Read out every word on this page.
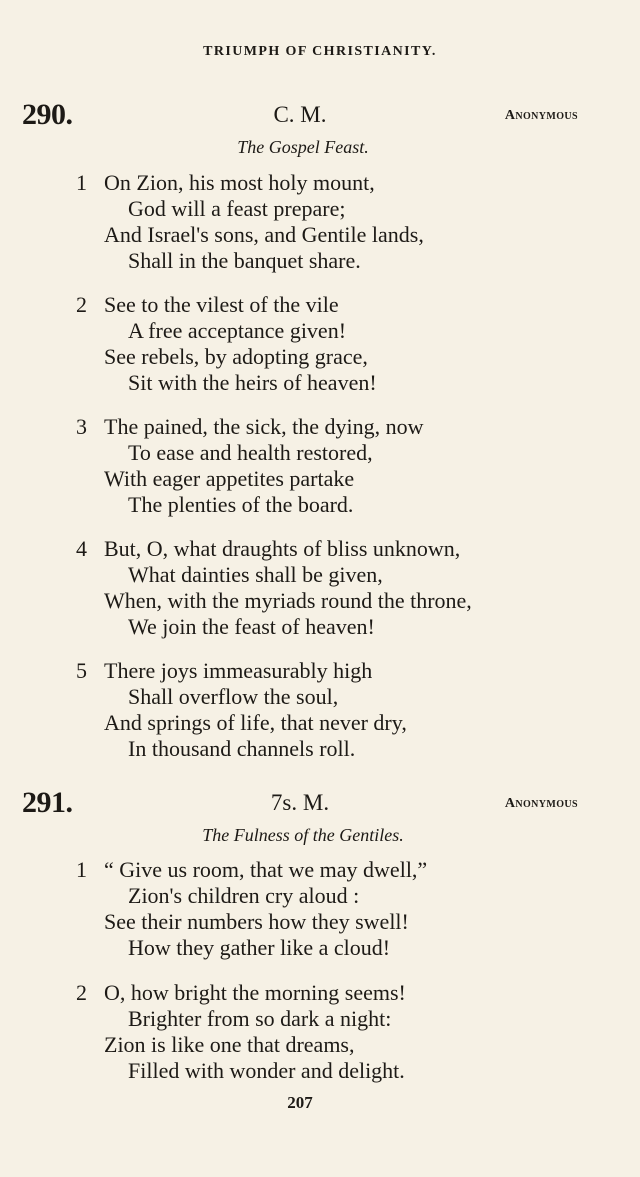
TRIUMPH OF CHRISTIANITY.
290.	C. M.	Anonymous
The Gospel Feast.
1 On Zion, his most holy mount,
God will a feast prepare;
And Israel's sons, and Gentile lands,
Shall in the banquet share.
2 See to the vilest of the vile
A free acceptance given!
See rebels, by adopting grace,
Sit with the heirs of heaven!
3 The pained, the sick, the dying, now
To ease and health restored,
With eager appetites partake
The plenties of the board.
4 But, O, what draughts of bliss unknown,
What dainties shall be given,
When, with the myriads round the throne,
We join the feast of heaven!
5 There joys immeasurably high
Shall overflow the soul,
And springs of life, that never dry,
In thousand channels roll.
291.	7s. M.	Anonymous
The Fulness of the Gentiles.
1 “ Give us room, that we may dwell,”
Zion's children cry aloud :
See their numbers how they swell!
How they gather like a cloud!
2 O, how bright the morning seems!
Brighter from so dark a night:
Zion is like one that dreams,
Filled with wonder and delight.
207
